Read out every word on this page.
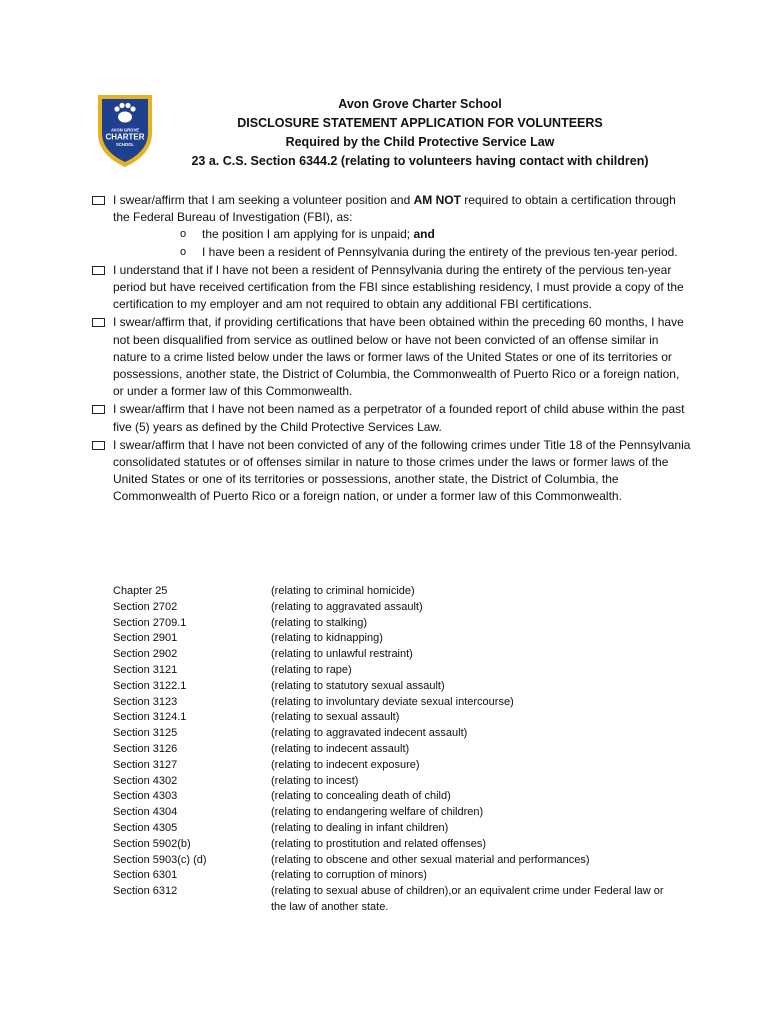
AVON GROVE
CHARTER
SCHOOL
Avon Grove Charter School
DISCLOSURE STATEMENT APPLICATION FOR VOLUNTEERS
Required by the Child Protective Service Law
23 a. C.S. Section 6344.2 (relating to volunteers having contact with children)
I swear/affirm that I am seeking a volunteer position and AM NOT required to obtain a certification through the Federal Bureau of Investigation (FBI), as:
o the position I am applying for is unpaid; and
o I have been a resident of Pennsylvania during the entirety of the previous ten-year period.
I understand that if I have not been a resident of Pennsylvania during the entirety of the pervious ten-year period but have received certification from the FBI since establishing residency, I must provide a copy of the certification to my employer and am not required to obtain any additional FBI certifications.
I swear/affirm that, if providing certifications that have been obtained within the preceding 60 months, I have not been disqualified from service as outlined below or have not been convicted of an offense similar in nature to a crime listed below under the laws or former laws of the United States or one of its territories or possessions, another state, the District of Columbia, the Commonwealth of Puerto Rico or a foreign nation, or under a former law of this Commonwealth.
I swear/affirm that I have not been named as a perpetrator of a founded report of child abuse within the past five (5) years as defined by the Child Protective Services Law.
I swear/affirm that I have not been convicted of any of the following crimes under Title 18 of the Pennsylvania consolidated statutes or of offenses similar in nature to those crimes under the laws or former laws of the United States or one of its territories or possessions, another state, the District of Columbia, the Commonwealth of Puerto Rico or a foreign nation, or under a former law of this Commonwealth.
Chapter 25	(relating to criminal homicide)
Section 2702	(relating to aggravated assault)
Section 2709.1	(relating to stalking)
Section 2901	(relating to kidnapping)
Section 2902	(relating to unlawful restraint)
Section 3121	(relating to rape)
Section 3122.1	(relating to statutory sexual assault)
Section 3123	(relating to involuntary deviate sexual intercourse)
Section 3124.1	(relating to sexual assault)
Section 3125	(relating to aggravated indecent assault)
Section 3126	(relating to indecent assault)
Section 3127	(relating to indecent exposure)
Section 4302	(relating to incest)
Section 4303	(relating to concealing death of child)
Section 4304	(relating to endangering welfare of children)
Section 4305	(relating to dealing in infant children)
Section 5902(b)	(relating to prostitution and related offenses)
Section 5903(c) (d)	(relating to obscene and other sexual material and performances)
Section 6301	(relating to corruption of minors)
Section 6312	(relating to sexual abuse of children),or an equivalent crime under Federal law or the law of another state.
